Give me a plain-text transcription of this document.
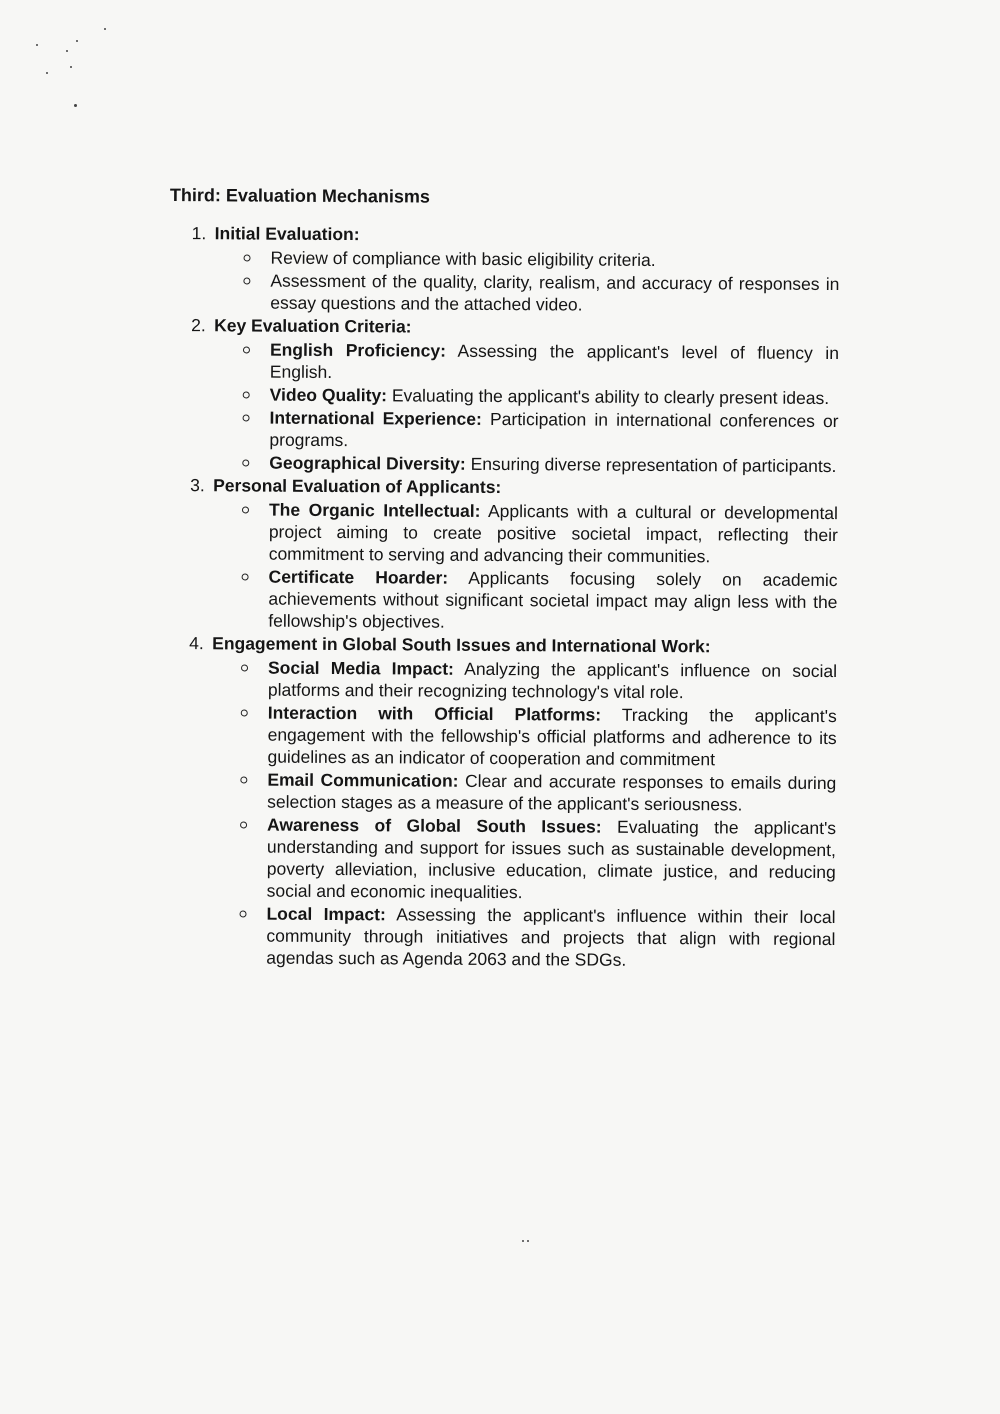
Third: Evaluation Mechanisms
1. Initial Evaluation:
Review of compliance with basic eligibility criteria.
Assessment of the quality, clarity, realism, and accuracy of responses in essay questions and the attached video.
2. Key Evaluation Criteria:
English Proficiency: Assessing the applicant's level of fluency in English.
Video Quality: Evaluating the applicant's ability to clearly present ideas.
International Experience: Participation in international conferences or programs.
Geographical Diversity: Ensuring diverse representation of participants.
3. Personal Evaluation of Applicants:
The Organic Intellectual: Applicants with a cultural or developmental project aiming to create positive societal impact, reflecting their commitment to serving and advancing their communities.
Certificate Hoarder: Applicants focusing solely on academic achievements without significant societal impact may align less with the fellowship's objectives.
4. Engagement in Global South Issues and International Work:
Social Media Impact: Analyzing the applicant's influence on social platforms and their recognizing technology's vital role.
Interaction with Official Platforms: Tracking the applicant's engagement with the fellowship's official platforms and adherence to its guidelines as an indicator of cooperation and commitment
Email Communication: Clear and accurate responses to emails during selection stages as a measure of the applicant's seriousness.
Awareness of Global South Issues: Evaluating the applicant's understanding and support for issues such as sustainable development, poverty alleviation, inclusive education, climate justice, and reducing social and economic inequalities.
Local Impact: Assessing the applicant's influence within their local community through initiatives and projects that align with regional agendas such as Agenda 2063 and the SDGs.
